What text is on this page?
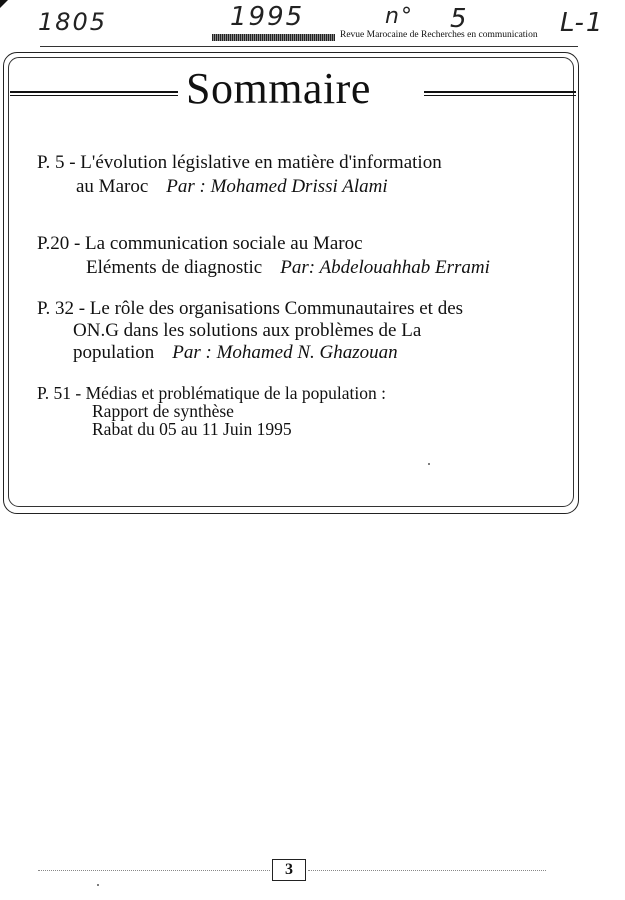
1805	1995	n° 5	L-1
Revue Marocaine de Recherches en communication
Sommaire
P. 5 - L'évolution législative en matière d'information
au Maroc Par : Mohamed Drissi Alami
P.20 - La communication sociale au Maroc
Eléments de diagnostic Par: Abdelouahhab Errami
P. 32 - Le rôle des organisations Communautaires et des
ON.G dans les solutions aux problèmes de La
population Par : Mohamed N. Ghazouan
P. 51 - Médias et problématique de la population :
Rapport de synthèse
Rabat du 05 au 11 Juin 1995
3
